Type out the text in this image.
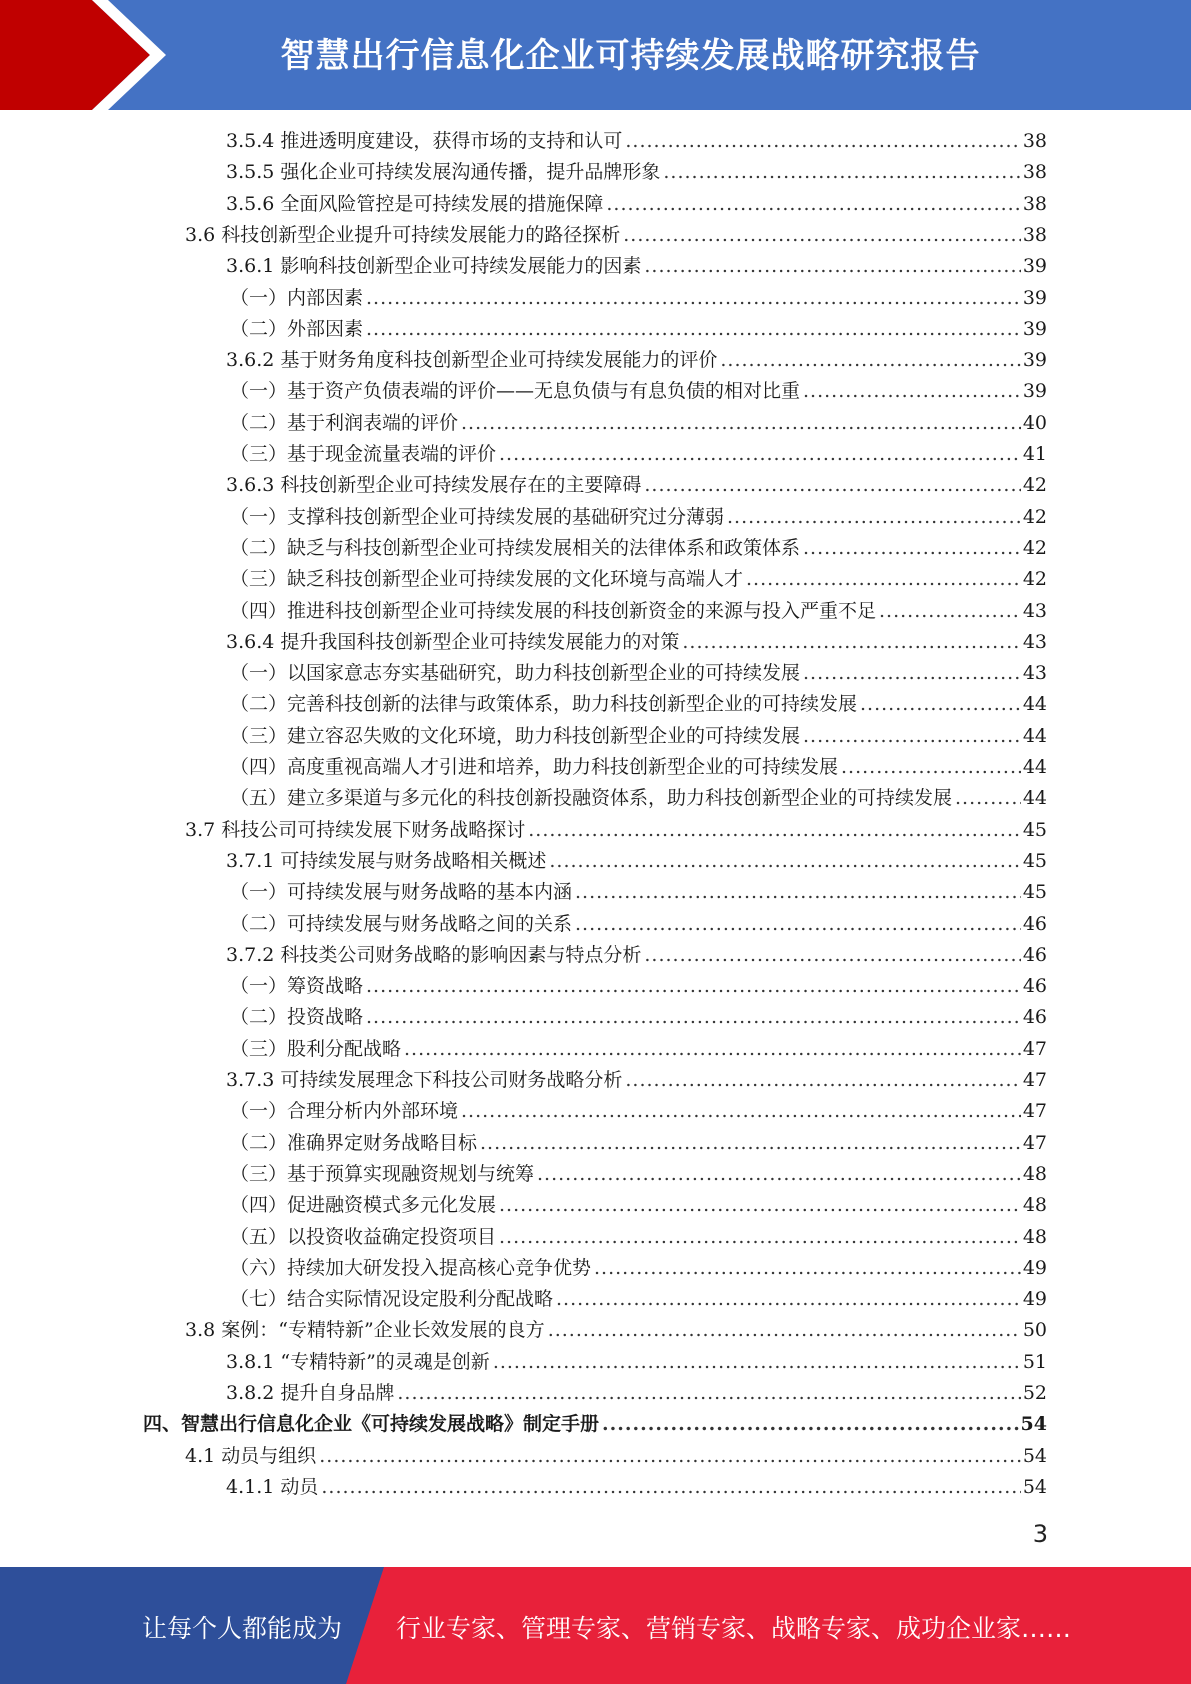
智慧出行信息化企业可持续发展战略研究报告
3.5.4 推进透明度建设，获得市场的支持和认可 .....	38
3.5.5 强化企业可持续发展沟通传播，提升品牌形象 .....	38
3.5.6 全面风险管控是可持续发展的措施保障 .....	38
3.6 科技创新型企业提升可持续发展能力的路径探析 .....	38
3.6.1 影响科技创新型企业可持续发展能力的因素 .....	39
（一）内部因素 .....	39
（二）外部因素 .....	39
3.6.2 基于财务角度科技创新型企业可持续发展能力的评价 .....	39
（一）基于资产负债表端的评价——无息负债与有息负债的相对比重 .....	39
（二）基于利润表端的评价 .....	40
（三）基于现金流量表端的评价 .....	41
3.6.3 科技创新型企业可持续发展存在的主要障碍 .....	42
（一）支撑科技创新型企业可持续发展的基础研究过分薄弱 .....	42
（二）缺乏与科技创新型企业可持续发展相关的法律体系和政策体系 .....	42
（三）缺乏科技创新型企业可持续发展的文化环境与高端人才 .....	42
（四）推进科技创新型企业可持续发展的科技创新资金的来源与投入严重不足 .....	43
3.6.4 提升我国科技创新型企业可持续发展能力的对策 .....	43
（一）以国家意志夯实基础研究，助力科技创新型企业的可持续发展 .....	43
（二）完善科技创新的法律与政策体系，助力科技创新型企业的可持续发展 .....	44
（三）建立容忍失败的文化环境，助力科技创新型企业的可持续发展 .....	44
（四）高度重视高端人才引进和培养，助力科技创新型企业的可持续发展 .....	44
（五）建立多渠道与多元化的科技创新投融资体系，助力科技创新型企业的可持续发展 .....	44
3.7 科技公司可持续发展下财务战略探讨 .....	45
3.7.1 可持续发展与财务战略相关概述 .....	45
（一）可持续发展与财务战略的基本内涵 .....	45
（二）可持续发展与财务战略之间的关系 .....	46
3.7.2 科技类公司财务战略的影响因素与特点分析 .....	46
（一）筹资战略 .....	46
（二）投资战略 .....	46
（三）股利分配战略 .....	47
3.7.3 可持续发展理念下科技公司财务战略分析 .....	47
（一）合理分析内外部环境 .....	47
（二）准确界定财务战略目标 .....	47
（三）基于预算实现融资规划与统筹 .....	48
（四）促进融资模式多元化发展 .....	48
（五）以投资收益确定投资项目 .....	48
（六）持续加大研发投入提高核心竞争优势 .....	49
（七）结合实际情况设定股利分配战略 .....	49
3.8 案例：“专精特新”企业长效发展的良方 .....	50
3.8.1 “专精特新”的灵魂是创新 .....	51
3.8.2 提升自身品牌 .....	52
四、智慧出行信息化企业《可持续发展战略》制定手册 .....	54
4.1 动员与组织 .....	54
4.1.1 动员 .....	54
3
让每个人都能成为 行业专家、管理专家、营销专家、战略专家、成功企业家……
